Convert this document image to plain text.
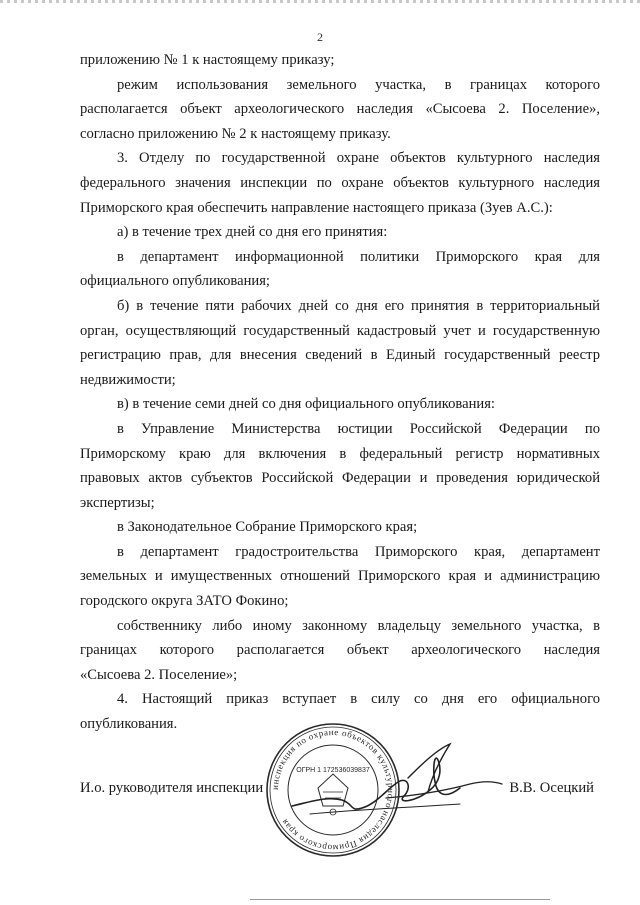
2

приложению № 1 к настоящему приказу;

режим использования земельного участка, в границах которого

располагается объект археологического наследия «Сысоева 2. Поселение»,

согласно приложению № 2 к настоящему приказу.

3. Отделу по государственной охране объектов культурного наследия

федерального значения инспекции по охране объектов культурного наследия

Приморского края обеспечить направление настоящего приказа (Зуев А.С.):

а) в течение трех дней со дня его принятия:

в департамент информационной политики Приморского края для

официального опубликования;

б) в течение пяти рабочих дней со дня его принятия в территориальный

орган, осуществляющий государственный кадастровый учет и государственную

регистрацию прав, для внесения сведений в Единый государственный реестр

недвижимости;

в) в течение семи дней со дня официального опубликования:

в Управление Министерства юстиции Российской Федерации по

Приморскому краю для включения в федеральный регистр нормативных

правовых актов субъектов Российской Федерации и проведения юридической

экспертизы;

в Законодательное Собрание Приморского края;

в департамент градостроительства Приморского края, департамент

земельных и имущественных отношений Приморского края и администрацию

городского округа ЗАТО Фокино;

собственнику либо иному законному владельцу земельного участка, в

границах которого располагается объект археологического наследия

«Сысоева 2. Поселение»;

4. Настоящий приказ вступает в силу со дня его официального

опубликования.

инспекция по охране объектов культурного наследия Приморского края
ОГРН 1 172536039837
И.о. руководителя инспекции	В.В. Осецкий
